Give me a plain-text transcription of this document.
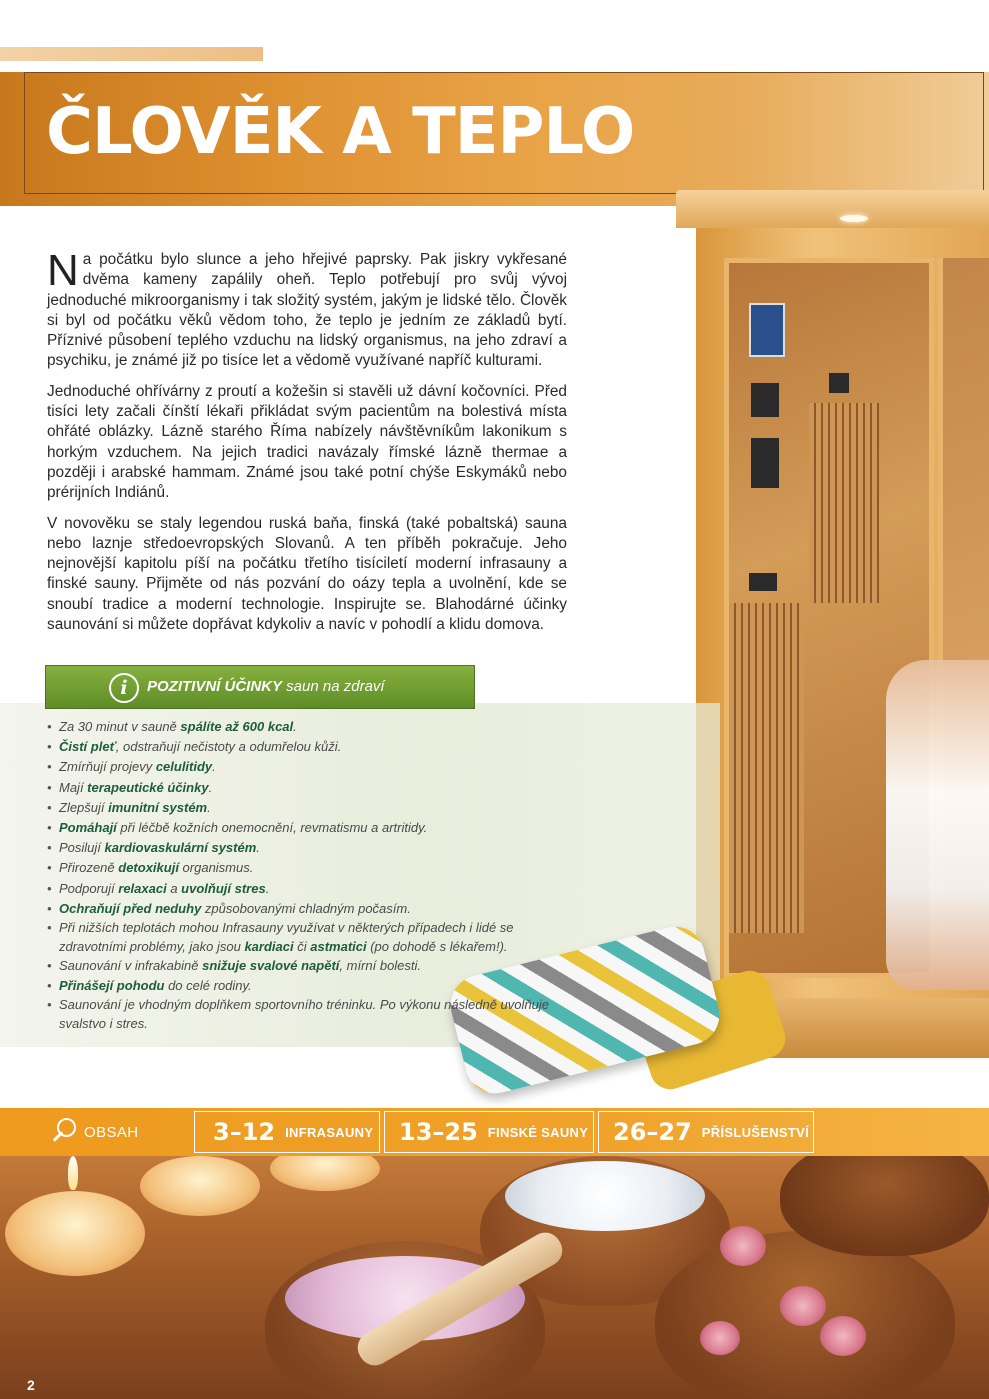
ČLOVĚK A TEPLO

Na počátku bylo slunce a jeho hřejivé paprsky. Pak jiskry vykřesané dvěma kameny zapálily oheň. Teplo potřebují pro svůj vývoj jednoduché mikroorganismy i tak složitý systém, jakým je lidské tělo. Člověk si byl od počátku věků vědom toho, že teplo je jedním ze základů bytí. Příznivé působení teplého vzduchu na lidský organismus, na jeho zdraví a psychiku, je známé již po tisíce let a vědomě využívané napříč kulturami.

Jednoduché ohřívárny z proutí a kožešin si stavěli už dávní kočovníci. Před tisíci lety začali čínští lékaři přikládat svým pacientům na bolestivá místa ohřáté oblázky. Lázně starého Říma nabízely návštěvníkům lakonikum s horkým vzduchem. Na jejich tradici navázaly římské lázně thermae a později i arabské hammam. Známé jsou také potní chýše Eskymáků nebo prérijních Indiánů.

V novověku se staly legendou ruská baňa, finská (také pobaltská) sauna nebo laznje středoevropských Slovanů. A ten příběh pokračuje. Jeho nejnovější kapitolu píší na počátku třetího tisíciletí moderní infrasauny a finské sauny. Přijměte od nás pozvání do oázy tepla a uvolnění, kde se snoubí tradice a moderní technologie. Inspirujte se. Blahodárné účinky saunování si můžete dopřávat kdykoliv a navíc v pohodlí a klidu domova.

i	POZITIVNÍ ÚČINKY saun na zdraví
• Za 30 minut v sauně spálíte až 600 kcal.
• Čistí pleť, odstraňují nečistoty a odumřelou kůži.
• Zmírňují projevy celulitidy.
• Mají terapeutické účinky.
• Zlepšují imunitní systém.
• Pomáhají při léčbě kožních onemocnění, revmatismu a artritidy.
• Posilují kardiovaskulární systém.
• Přirozeně detoxikují organismus.
• Podporují relaxaci a uvolňují stres.
• Ochraňují před neduhy způsobovanými chladným počasím.
• Při nižších teplotách mohou Infrasauny využívat v některých případech i lidé se zdravotními problémy, jako jsou kardiaci či astmatici (po dohodě s lékařem!).
• Saunování v infrakabině snižuje svalové napětí, mírní bolesti.
• Přinášejí pohodu do celé rodiny.
• Saunování je vhodným doplňkem sportovního tréninku. Po výkonu následně uvolňuje svalstvo i stres.
OBSAH	3–12 INFRASAUNY 13–25 FINSKÉ SAUNY 26–27 PŘÍSLUŠENSTVÍ
2
